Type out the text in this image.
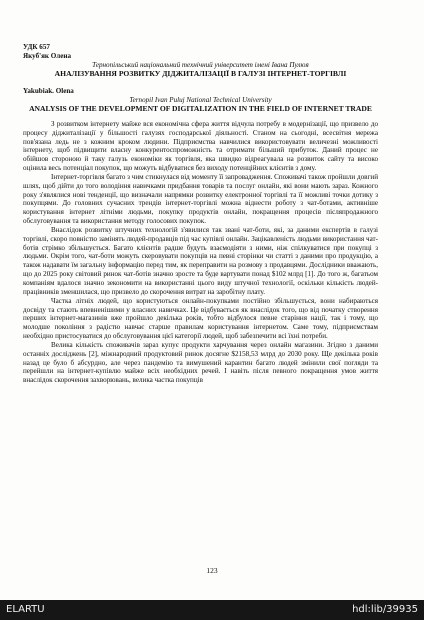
УДК 657
Якуб'як Олена
Тернопільський національний технічний університет імені Івана Пулюя
АНАЛІЗУВАННЯ РОЗВИТКУ ДІДЖИТАЛІЗАЦІЇ В ГАЛУЗІ ІНТЕРНЕТ-ТОРГІВЛІ
Yakubiak. Olena
Ternopil Ivan Puluj National Technical University
ANALYSIS OF THE DEVELOPMENT OF DIGITALIZATION IN THE FIELD OF INTERNET TRADE

З розвитком інтернету майже вся економічна сфера життя відчула потребу в модернізації, що призвело до процесу діджиталізації у більшості галузях господарської діяльності. Станом на сьогодні, всесвітня мережа пов'язана ледь не з кожним кроком людини. Підприємства навчилися використовувати величезні можливості інтернету, щоб підвищити власну конкурентоспроможність та отримати більший прибуток. Даний процес не обійшов стороною й таку галузь економіки як торгівля, яка швидко відреагувала на розвиток сайту та високо оцінила весь потенціал покупок, що можуть відбуватися без виходу потенційних клієнтів з дому.

Інтернет-торгівля багато з чим стикнулася від моменту її запровадження. Споживачі також пройшли довгий шлях, щоб дійти до того володіння навичками придбання товарів та послуг онлайн, які вони мають зараз. Кожного року з'являлися нові тенденції, що визначали напрямки розвитку електронної торгівлі та її можливі точки дотику з покупцями. До головних сучасних трендів інтернет-торгівлі можна віднести роботу з чат-ботами, активніше користування інтернет літніми людьми, покупку продуктів онлайн, покращення процесів післяпродажного обслуговування та використання методу голосових покупок.

Внаслідок розвитку штучних технологій з'явилися так звані чат-боти, які, за даними експертів в галузі торгівлі, скоро повністю замінять людей-продавців під час купівлі онлайн. Зацікавленість людьми використання чат-ботів стрімко збільшується. Багато клієнтів радше будуть взаємодіяти з ними, ніж спілкуватися при покупці з людьми. Окрім того, чат-боти можуть скеровувати покупців на певні сторінки чи статті з даними про продукцію, а також надавати їм загальну інформацію перед тим, як переправити на розмову з продавцями. Дослідники вважають, що до 2025 року світовий ринок чат-ботів значно зросте та буде вартувати понад $102 млрд [1]. До того ж, багатьом компаніям вдалося значно зекономити на використанні цього виду штучної технології, оскільки кількість людей-працівників зменшилася, що призвело до скорочення витрат на заробітну плату.

Частка літніх людей, що користуються онлайн-покупками постійно збільшується, вони набираються досвіду та стають впевненішими у власних навичках. Це відбувається як внаслідок того, що від початку створення перших інтернет-магазинів вже пройшло декілька років, тобто відбулося певне старіння нації, так і тому, що молодше покоління з радістю навчає старше правилам користування інтернетом. Саме тому, підприємствам необхідно пристосуватися до обслуговування цієї категорії людей, щоб забезпечити всі їхні потреби.

Велика кількість споживачів зараз купує продукти харчування через онлайн магазини. Згідно з даними останніх досліджень [2], міжнародний продуктовий ринок досягне $2158,53 млрд до 2030 року. Ще декілька років назад це було б абсурдно, але через пандемію та вимушений карантин багато людей змінили свої погляди та перейшли на інтернет-купівлю майже всіх необхідних речей. І навіть після певного покращення умов життя внаслідок скорочення захворювань, велика частка покупців

123
ELARTU	hdl:lib/39935
